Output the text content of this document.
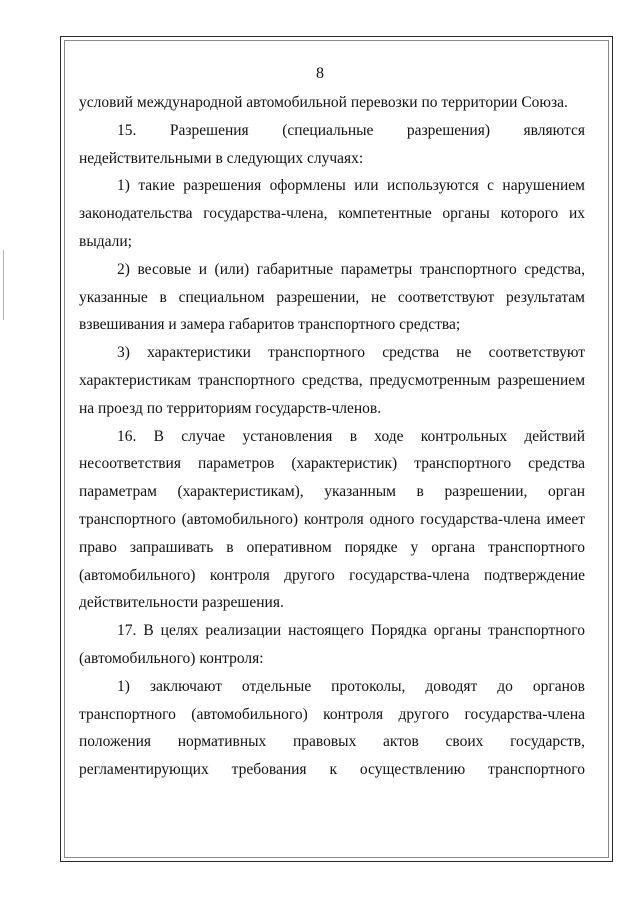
8

условий международной автомобильной перевозки по территории Союза.

15. Разрешения (специальные разрешения) являются недействительными в следующих случаях:

1) такие разрешения оформлены или используются с нарушением законодательства государства-члена, компетентные органы которого их выдали;

2) весовые и (или) габаритные параметры транспортного средства, указанные в специальном разрешении, не соответствуют результатам взвешивания и замера габаритов транспортного средства;

3) характеристики транспортного средства не соответствуют характеристикам транспортного средства, предусмотренным разрешением на проезд по территориям государств-членов.

16. В случае установления в ходе контрольных действий несоответствия параметров (характеристик) транспортного средства параметрам (характеристикам), указанным в разрешении, орган транспортного (автомобильного) контроля одного государства-члена имеет право запрашивать в оперативном порядке у органа транспортного (автомобильного) контроля другого государства-члена подтверждение действительности разрешения.

17. В целях реализации настоящего Порядка органы транспортного (автомобильного) контроля:

1) заключают отдельные протоколы, доводят до органов транспортного (автомобильного) контроля другого государства-члена положения нормативных правовых актов своих государств, регламентирующих требования к осуществлению транспортного
